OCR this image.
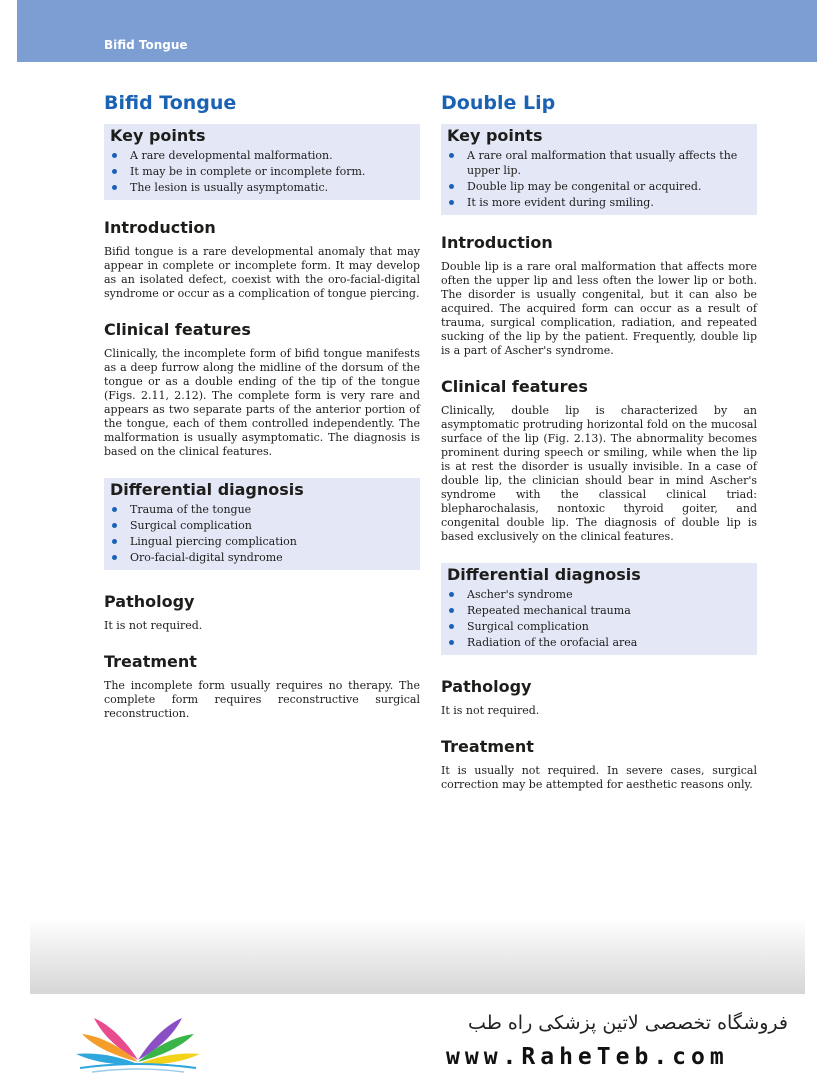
Bifid Tongue
Bifid Tongue
Key points
A rare developmental malformation.
It may be in complete or incomplete form.
The lesion is usually asymptomatic.
Introduction

Bifid tongue is a rare developmental anomaly that may appear in complete or incomplete form. It may develop as an isolated defect, coexist with the oro-facial-digital syndrome or occur as a complication of tongue piercing.

Clinical features

Clinically, the incomplete form of bifid tongue manifests as a deep furrow along the midline of the dorsum of the tongue or as a double ending of the tip of the tongue (Figs. 2.11, 2.12). The complete form is very rare and appears as two separate parts of the anterior portion of the tongue, each of them controlled independently. The malformation is usually asymptomatic. The diagnosis is based on the clinical features.

Differential diagnosis
Trauma of the tongue
Surgical complication
Lingual piercing complication
Oro-facial-digital syndrome
Pathology

It is not required.

Treatment

The incomplete form usually requires no therapy. The complete form requires reconstructive surgical reconstruction.

Double Lip
Key points
A rare oral malformation that usually affects the upper lip.
Double lip may be congenital or acquired.
It is more evident during smiling.
Introduction

Double lip is a rare oral malformation that affects more often the upper lip and less often the lower lip or both. The disorder is usually congenital, but it can also be acquired. The acquired form can occur as a result of trauma, surgical complication, radiation, and repeated sucking of the lip by the patient. Frequently, double lip is a part of Ascher's syndrome.

Clinical features

Clinically, double lip is characterized by an asymptomatic protruding horizontal fold on the mucosal surface of the lip (Fig. 2.13). The abnormality becomes prominent during speech or smiling, while when the lip is at rest the disorder is usually invisible. In a case of double lip, the clinician should bear in mind Ascher's syndrome with the classical clinical triad: blepharochalasis, nontoxic thyroid goiter, and congenital double lip. The diagnosis of double lip is based exclusively on the clinical features.

Differential diagnosis
Ascher's syndrome
Repeated mechanical trauma
Surgical complication
Radiation of the orofacial area
Pathology

It is not required.

Treatment

It is usually not required. In severe cases, surgical correction may be attempted for aesthetic reasons only.

فروشگاه تخصصی لاتین پزشکی راه طب
www.RaheTeb.com
